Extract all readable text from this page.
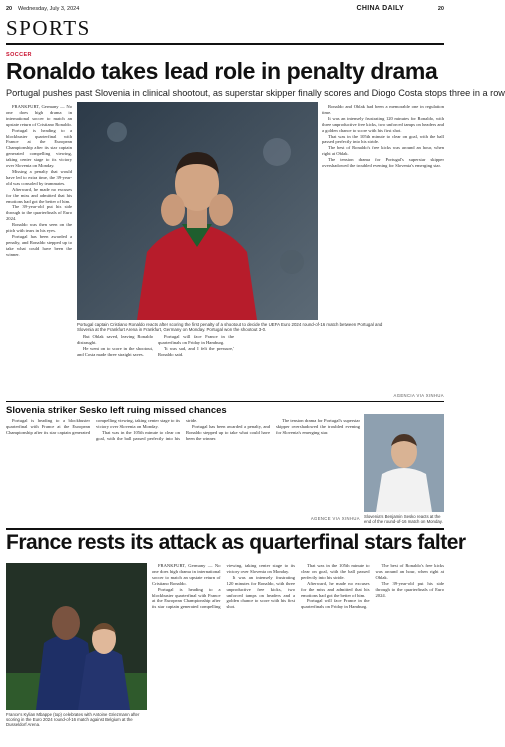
20 Wednesday, July 3, 2024	CHINA DAILY	20
SPORTS
SOCCER
Ronaldo takes lead role in penalty drama
Portugal pushes past Slovenia in clinical shootout, as superstar skipper finally scores and Diogo Costa stops three in a row

FRANKFURT, Germany — No one does high drama in international soccer to match an upstate return of Cristiano Ronaldo.

Portugal is heading to a blockbuster quarterfinal with France at the European Championship after its star captain generated compelling viewing, taking center stage to its victory over Slovenia on Monday.

Missing a penalty that would have led to extra time, the 39-year-old was consoled by teammates.

Afterward, he made no excuses for the miss and admitted that his emotions had got the better of him.

The 39-year-old put his side through to the quarterfinals of Euro 2024.

Ronaldo was then seen on the pitch with tears in his eyes.

Portugal has been awarded a penalty, and Ronaldo stepped up to take what could have been the winner.

Ronaldo and Oblak had been a memorable one in regulation time.

It was an intensely frustrating 120 minutes for Ronaldo, with three unproductive free kicks, two unforced tamps on headers and a golden chance to score with his first shot.

That was in the 105th minute to clear on goal, with the ball passed perfectly into his stride.

The best of Ronaldo's free kicks was around an hour, when right at Oblak.

The tension drama for Portugal's superstar skipper overshadowed the troubled evening for Slovenia's emerging star.

Portugal captain Cristiano Ronaldo reacts after scoring the first penalty of a shootout to decide the UEFA Euro 2024 round-of-16 match between Portugal and Slovenia at the Frankfurt Arena in Frankfurt, Germany on Monday. Portugal won the shootout 3-0.

But Oblak saved, leaving Ronaldo distraught.

He went on to score in the shootout, and Costa made three straight saves.

Portugal will face France in the quarterfinals on Friday in Hamburg.

'It was sad, and I felt the pressure,' Ronaldo said.

AGENCIA VIA XINHUA
Slovenia striker Sesko left ruing missed chances

Portugal is heading to a blockbuster quarterfinal with France at the European Championship after its star captain generated compelling viewing, taking center stage to its victory over Slovenia on Monday.

That was in the 105th minute to clear on goal, with the ball passed perfectly into his stride.

Portugal has been awarded a penalty, and Ronaldo stepped up to take what could have been the winner.

The tension drama for Portugal's superstar skipper overshadowed the troubled evening for Slovenia's emerging star.

Slovenia's Benjamin Sesko reacts at the end of the round-of-16 match on Monday.
AGENCE VIA XINHUA
France rests its attack as quarterfinal stars falter
France's Kylian Mbappe (top) celebrates with Antoine Griezmann after scoring in the Euro 2024 round-of-16 match against Belgium at the Dusseldorf Arena.

FRANKFURT, Germany — No one does high drama in international soccer to match an upstate return of Cristiano Ronaldo.

Portugal is heading to a blockbuster quarterfinal with France at the European Championship after its star captain generated compelling viewing, taking center stage to its victory over Slovenia on Monday.

It was an intensely frustrating 120 minutes for Ronaldo, with three unproductive free kicks, two unforced tamps on headers and a golden chance to score with his first shot.

That was in the 105th minute to clear on goal, with the ball passed perfectly into his stride.

Afterward, he made no excuses for the miss and admitted that his emotions had got the better of him.

Portugal will face France in the quarterfinals on Friday in Hamburg.

The best of Ronaldo's free kicks was around an hour, when right at Oblak.

The 39-year-old put his side through to the quarterfinals of Euro 2024.
